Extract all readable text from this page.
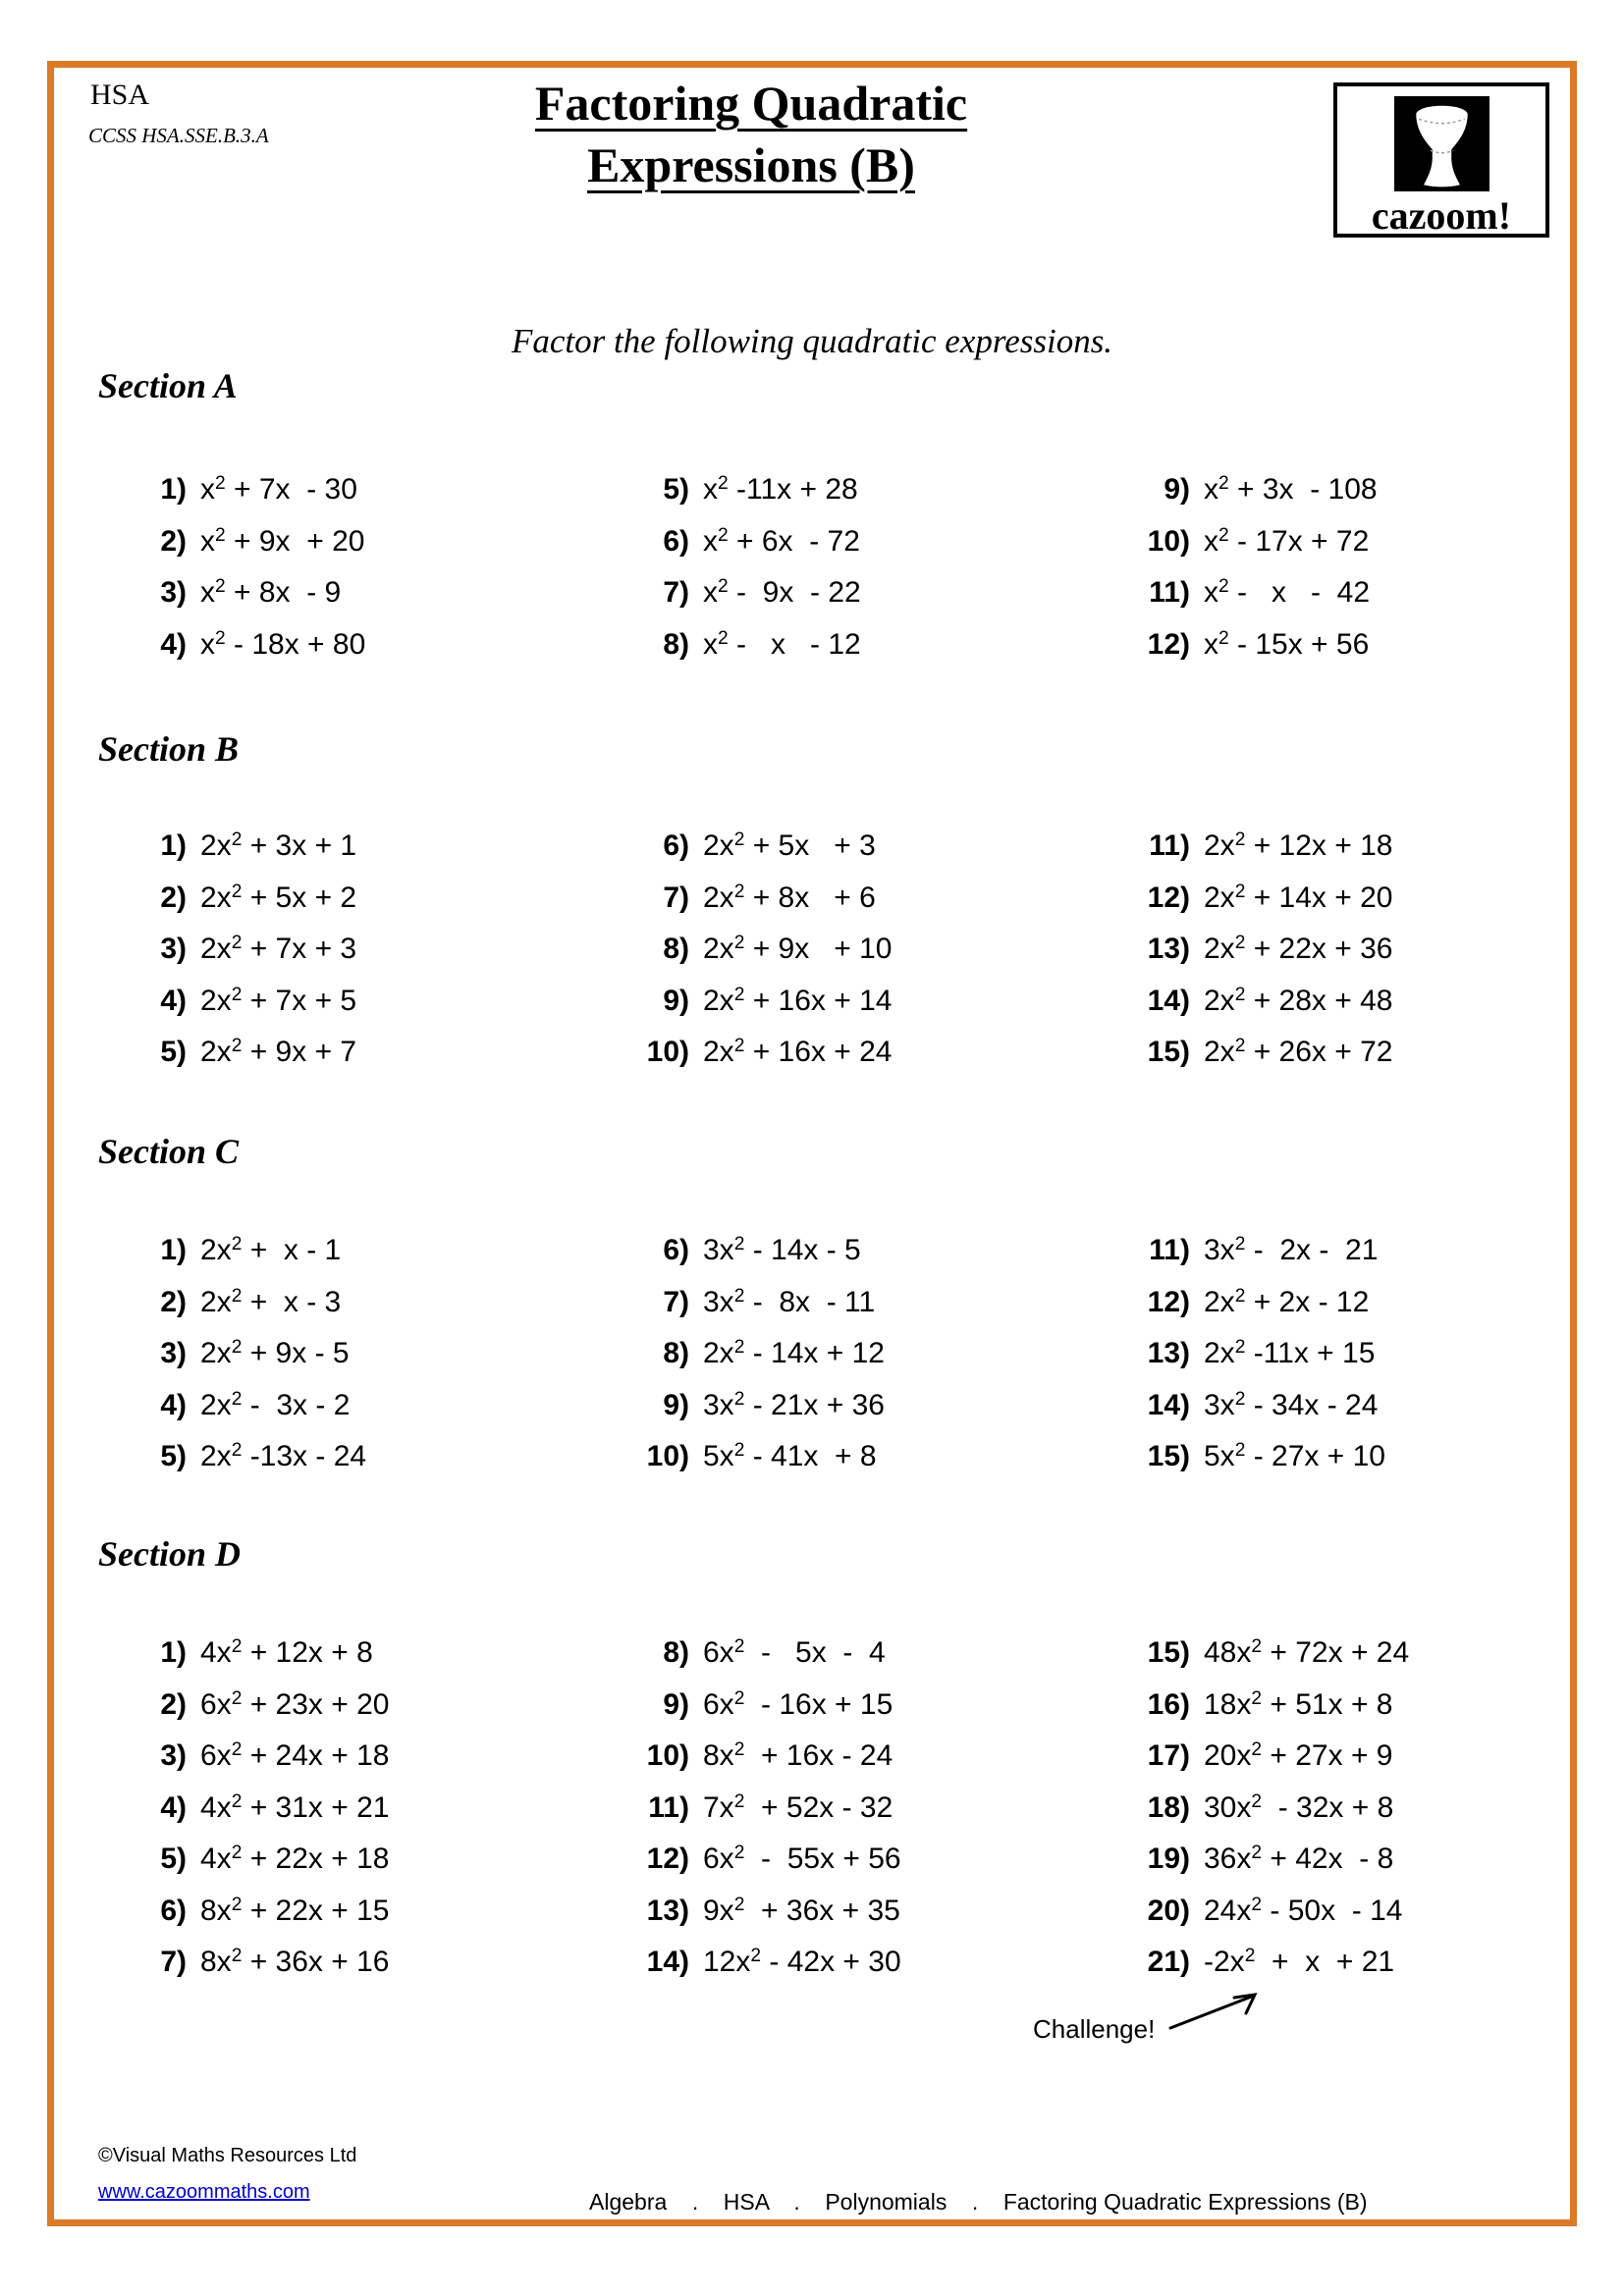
HSA
CCSS HSA.SSE.B.3.A
Factoring Quadratic
Expressions (B)
cazoom!
Factor the following quadratic expressions.
Section A
1) $x^2 + 7x - 30$
2) $x^2 + 9x + 20$
3) $x^2 + 8x - 9$
4) $x^2 - 18x + 80$
5) $x^2$ -11x + 28
6) $x^2 + 6x - 72$
7) $x^2 - 9x - 22$
8) $x^2$ -   x   - 12
9) $x^2 + 3x - 108$
10) $x^2 - 17x + 72$
11) $x^2$ -   x   -  42
12) $x^2 - 15x + 56$
Section B
1) $2x^2 + 3x + 1$
2) $2x^2 + 5x + 2$
3) $2x^2 + 7x + 3$
4) $2x^2 + 7x + 5$
5) $2x^2 + 9x + 7$
6) $2x^2 + 5x + 3$
7) $2x^2 + 8x + 6$
8) $2x^2 + 9x + 10$
9) $2x^2 + 16x + 14$
10) $2x^2 + 16x + 24$
11) $2x^2 + 12x + 18$
12) $2x^2 + 14x + 20$
13) $2x^2 + 22x + 36$
14) $2x^2 + 28x + 48$
15) $2x^2 + 26x + 72$
Section C
1) $2x^2 + x - 1$
2) $2x^2 + x - 3$
3) $2x^2 + 9x - 5$
4) $2x^2 - 3x - 2$
5) $2x^2$ -13x - 24
6) $3x^2 - 14x - 5$
7) $3x^2 - 8x - 11$
8) $2x^2 - 14x + 12$
9) $3x^2 - 21x + 36$
10) $5x^2 - 41x + 8$
11) $3x^2 - 2x - 21$
12) $2x^2 + 2x - 12$
13) $2x^2$ -11x + 15
14) $3x^2 - 34x - 24$
15) $5x^2 - 27x + 10$
Section D
1) $4x^2 + 12x + 8$
2) $6x^2 + 23x + 20$
3) $6x^2 + 24x + 18$
4) $4x^2 + 31x + 21$
5) $4x^2 + 22x + 18$
6) $8x^2 + 22x + 15$
7) $8x^2 + 36x + 16$
8) $6x^2 - 5x - 4$
9) $6x^2 - 16x + 15$
10) $8x^2 + 16x - 24$
11) $7x^2 + 52x - 32$
12) $6x^2 - 55x + 56$
13) $9x^2 + 36x + 35$
14) $12x^2 - 42x + 30$
15) $48x^2 + 72x + 24$
16) $18x^2 + 51x + 8$
17) $20x^2 + 27x + 9$
18) $30x^2 - 32x + 8$
19) $36x^2 + 42x - 8$
20) $24x^2 - 50x - 14$
21) $-2x^2 + x + 21$
Challenge!
©Visual Maths Resources Ltd
www.cazoommaths.com	Algebra    .    HSA    .    Polynomials    .    Factoring Quadratic Expressions (B)
